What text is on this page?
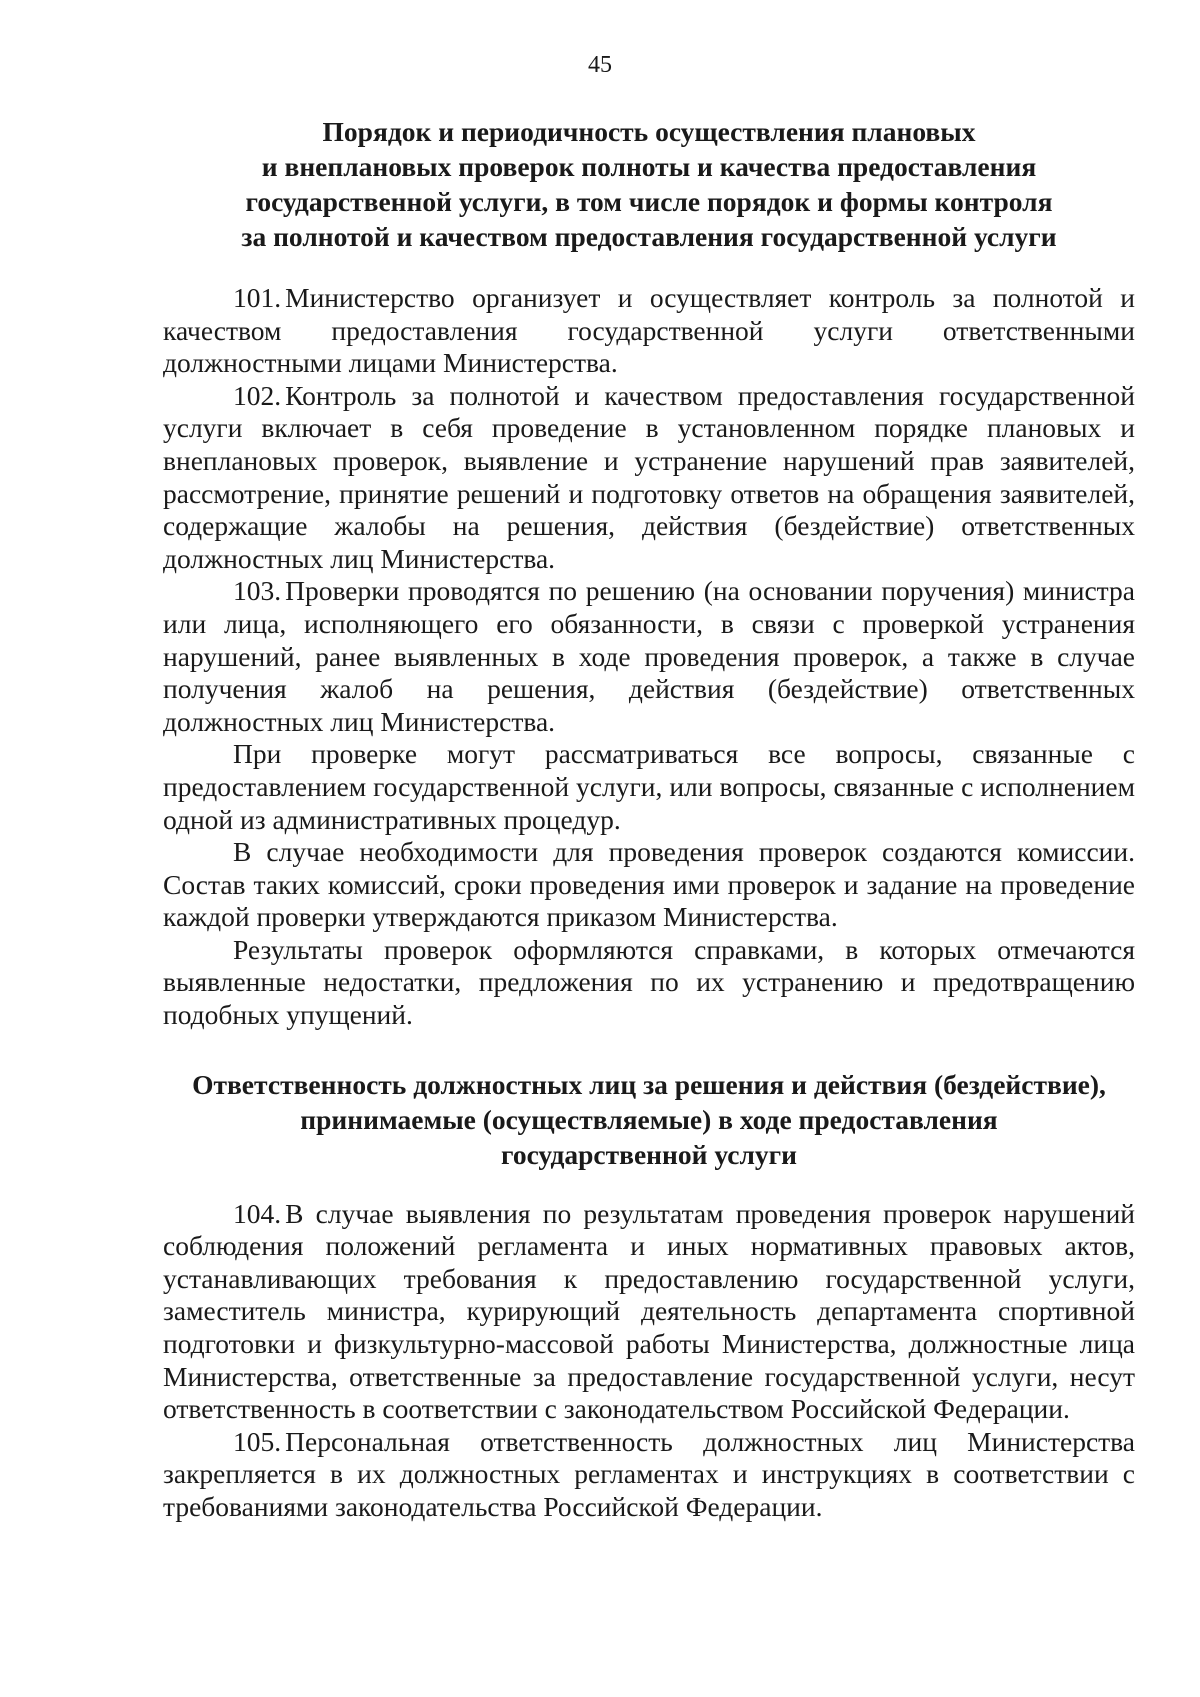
45
Порядок и периодичность осуществления плановых
и внеплановых проверок полноты и качества предоставления
государственной услуги, в том числе порядок и формы контроля
за полнотой и качеством предоставления государственной услуги

101. Министерство организует и осуществляет контроль за полнотой и качеством предоставления государственной услуги ответственными должностными лицами Министерства.

102. Контроль за полнотой и качеством предоставления государственной услуги включает в себя проведение в установленном порядке плановых и внеплановых проверок, выявление и устранение нарушений прав заявителей, рассмотрение, принятие решений и подготовку ответов на обращения заявителей, содержащие жалобы на решения, действия (бездействие) ответственных должностных лиц Министерства.

103. Проверки проводятся по решению (на основании поручения) министра или лица, исполняющего его обязанности, в связи с проверкой устранения нарушений, ранее выявленных в ходе проведения проверок, а также в случае получения жалоб на решения, действия (бездействие) ответственных должностных лиц Министерства.

При проверке могут рассматриваться все вопросы, связанные с предоставлением государственной услуги, или вопросы, связанные с исполнением одной из административных процедур.

В случае необходимости для проведения проверок создаются комиссии. Состав таких комиссий, сроки проведения ими проверок и задание на проведение каждой проверки утверждаются приказом Министерства.

Результаты проверок оформляются справками, в которых отмечаются выявленные недостатки, предложения по их устранению и предотвращению подобных упущений.

Ответственность должностных лиц за решения и действия (бездействие),
принимаемые (осуществляемые) в ходе предоставления
государственной услуги

104. В случае выявления по результатам проведения проверок нарушений соблюдения положений регламента и иных нормативных правовых актов, устанавливающих требования к предоставлению государственной услуги, заместитель министра, курирующий деятельность департамента спортивной подготовки и физкультурно-массовой работы Министерства, должностные лица Министерства, ответственные за предоставление государственной услуги, несут ответственность в соответствии с законодательством Российской Федерации.

105. Персональная ответственность должностных лиц Министерства закрепляется в их должностных регламентах и инструкциях в соответствии с требованиями законодательства Российской Федерации.
